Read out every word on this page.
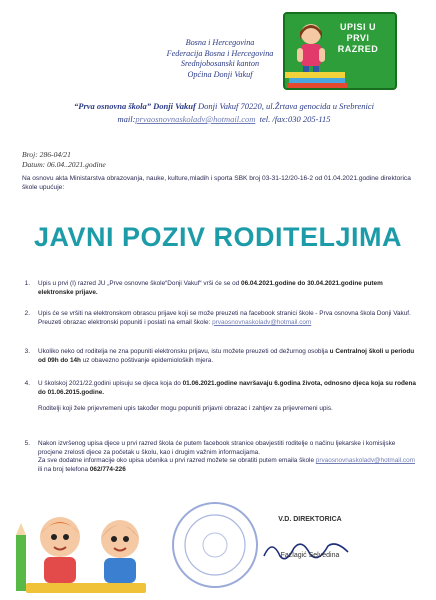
UPISI U
PRVI
RAZRED
Bosna i Hercegovina
Federacija Bosna i Hercegovina
Srednjobosanski kanton
Općina Donji Vakuf
“Prva osnovna škola” Donji Vakuf Donji Vakuf 70220, ul.Žrtava genocida u Srebrenici
mail:prvaosnovnaskoladv@hotmail.com tel. /fax:030 205-115
Broj: 286-04/21
Datum: 06.04..2021.godine
Na osnovu akta Ministarstva obrazovanja, nauke, kulture,mladih i sporta SBK broj 03-31-12/20-16-2 od 01.04.2021.godine direktorica škole upućuje:
JAVNI POZIV RODITELJIMA
1. Upis u prvi (I) razred JU „Prve osnovne škole“Donji Vakuf“ vrši će se od 06.04.2021.godine do 30.04.2021.godine putem elektronske prijave.
2. Upis će se vršiti na elektronskom obrascu prijave koji se može preuzeti na facebook stranici škole - Prva osnovna škola Donji Vakuf.
Preuzeti obrazac elektronski popuniti i poslati na email škole: prvaosnovnaskoladv@hotmail.com
3. Ukoliko neko od roditelja ne zna popuniti elektronsku prijavu, istu možete preuzeti od dežurnog osoblja u Centralnoj školi u periodu od 09h do 14h uz obavezno poštivanje epidemioloških mjera.
4. U školskoj 2021/22.godini upisuju se djeca koja do 01.06.2021.godine navršavaju 6.godina života, odnosno djeca koja su rođena do 01.06.2015.godine.
Roditelji koji žele prijevremeni upis također mogu popuniti prijavni obrazac i zahtjev za prijevremeni upis.
5. Nakon izvršenog upisa djece u prvi razred škola će putem facebook stranice obavjestiti roditelje o načinu ljekarske i komisijske procjene zrelosti djece za početak u školu, kao i drugim važnim informacijama.
Za sve dodatne informacije oko upisa učenika u prvi razred možete se obratiti putem emaila škole prvaosnovnaskoladv@hotmail.com ili na broj telefona 062/774-226
V.D. DIREKTORICA
Fazlagić Selvedina
